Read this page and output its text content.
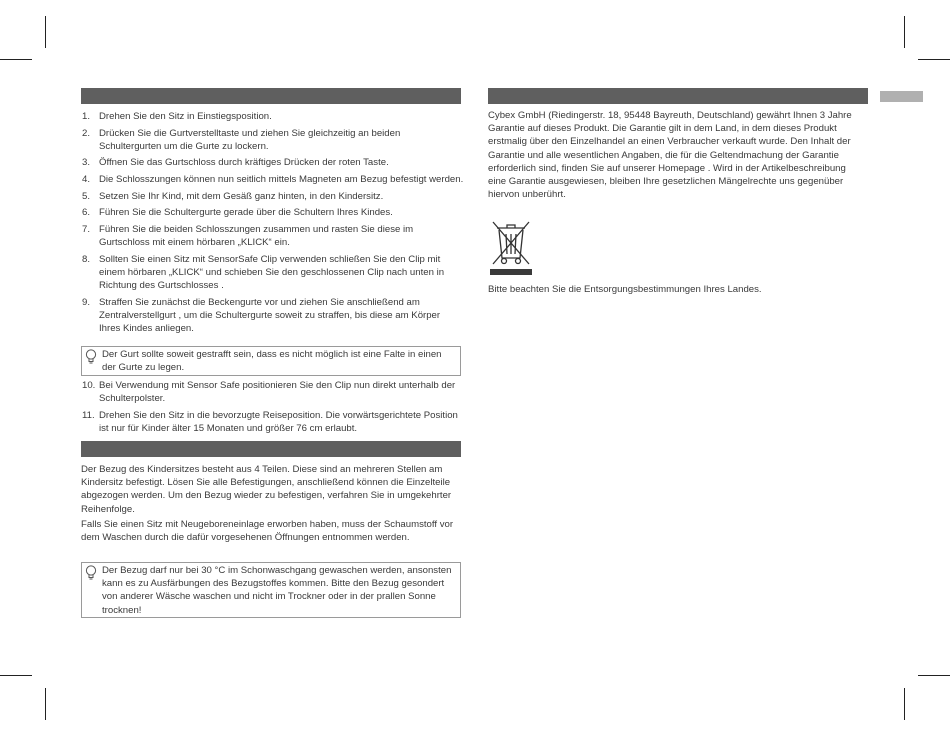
1. Drehen Sie den Sitz in Einstiegsposition.
2. Drücken Sie die Gurtverstelltaste und ziehen Sie gleichzeitig an beiden Schultergurten um die Gurte zu lockern.
3. Öffnen Sie das Gurtschloss durch kräftiges Drücken der roten Taste.
4. Die Schlosszungen können nun seitlich mittels Magneten am Bezug befestigt werden.
5. Setzen Sie Ihr Kind, mit dem Gesäß ganz hinten, in den Kindersitz.
6. Führen Sie die Schultergurte gerade über die Schultern Ihres Kindes.
7. Führen Sie die beiden Schlosszungen zusammen und rasten Sie diese im Gurtschloss mit einem hörbaren „KLICK“ ein.
8. Sollten Sie einen Sitz mit SensorSafe Clip verwenden schließen Sie den Clip mit einem hörbaren „KLICK“ und schieben Sie den geschlossenen Clip nach unten in Richtung des Gurtschlosses .
9. Straffen Sie zunächst die Beckengurte vor und ziehen Sie anschließend am Zentralverstellgurt , um die Schultergurte soweit zu straffen, bis diese am Körper Ihres Kindes anliegen.
Der Gurt sollte soweit gestrafft sein, dass es nicht möglich ist eine Falte in einen der Gurte zu legen.
10. Bei Verwendung mit Sensor Safe positionieren Sie den Clip nun direkt unterhalb der Schulterpolster.
11. Drehen Sie den Sitz in die bevorzugte Reiseposition. Die vorwärtsgerichtete Position ist nur für Kinder älter 15 Monaten und größer 76 cm erlaubt.

Der Bezug des Kindersitzes besteht aus 4 Teilen. Diese sind an mehreren Stellen am Kindersitz befestigt. Lösen Sie alle Befestigungen, anschließend können die Einzelteile abgezogen werden. Um den Bezug wieder zu befestigen, verfahren Sie in umgekehrter Reihenfolge.

Falls Sie einen Sitz mit Neugeboreneinlage erworben haben, muss der Schaumstoff vor dem Waschen durch die dafür vorgesehenen Öffnungen entnommen werden.

Der Bezug darf nur bei 30 °C im Schonwaschgang gewaschen werden, ansonsten kann es zu Ausfärbungen des Bezugstoffes kommen. Bitte den Bezug gesondert von anderer Wäsche waschen und nicht im Trockner oder in der prallen Sonne trocknen!

Cybex GmbH (Riedingerstr. 18, 95448 Bayreuth, Deutschland) gewährt Ihnen 3 Jahre Garantie auf dieses Produkt. Die Garantie gilt in dem Land, in dem dieses Produkt erstmalig über den Einzelhandel an einen Verbraucher verkauft wurde. Den Inhalt der Garantie und alle wesentlichen Angaben, die für die Geltendmachung der Garantie erforderlich sind, finden Sie auf unserer Homepage . Wird in der Artikelbeschreibung eine Garantie ausgewiesen, bleiben Ihre gesetzlichen Mängelrechte uns gegenüber hiervon unberührt.

Bitte beachten Sie die Entsorgungsbestimmungen Ihres Landes.
